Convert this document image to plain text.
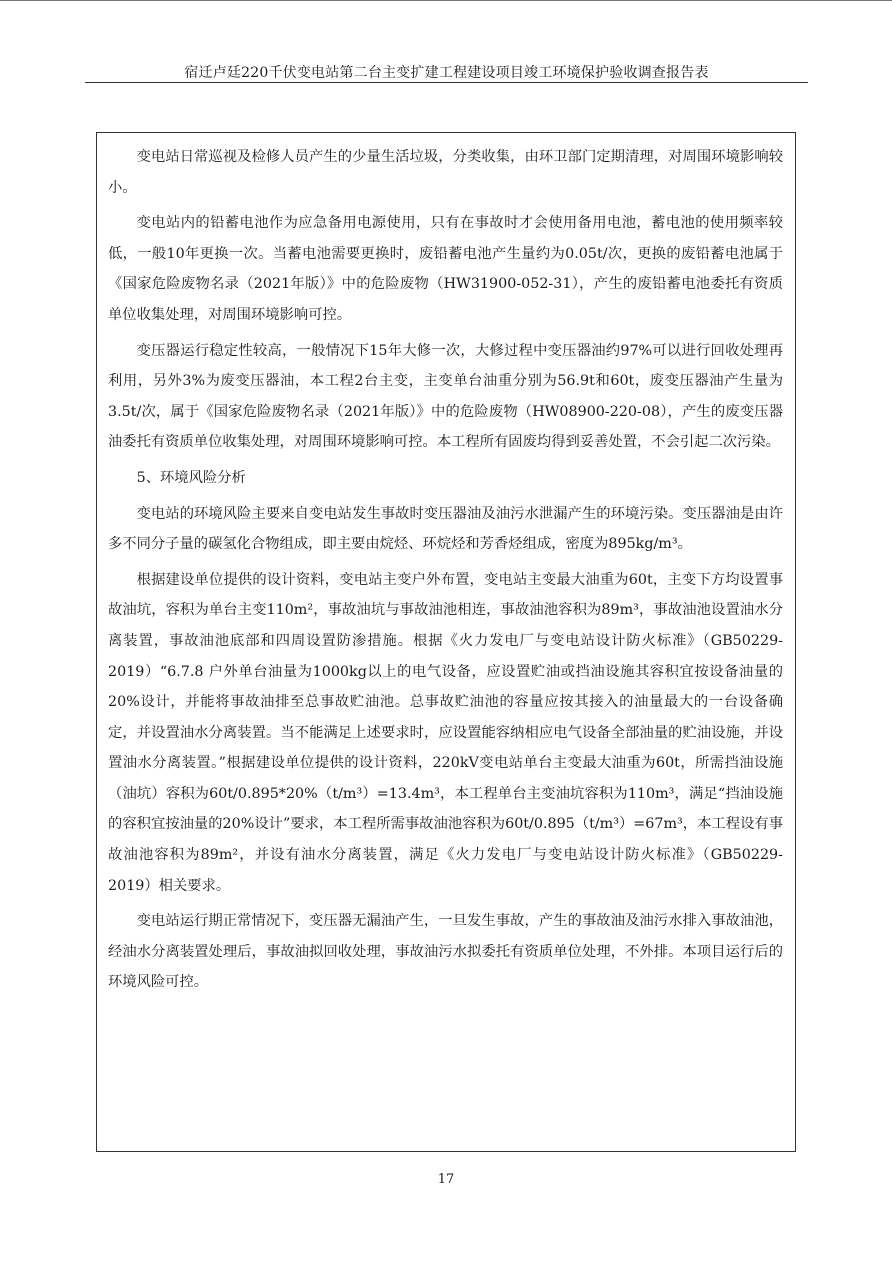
宿迁卢廷220千伏变电站第二台主变扩建工程建设项目竣工环境保护验收调查报告表

变电站日常巡视及检修人员产生的少量生活垃圾，分类收集，由环卫部门定期清理，对周围环境影响较小。

变电站内的铅蓄电池作为应急备用电源使用，只有在事故时才会使用备用电池，蓄电池的使用频率较低，一般10年更换一次。当蓄电池需要更换时，废铅蓄电池产生量约为0.05t/次，更换的废铅蓄电池属于《国家危险废物名录（2021年版）》中的危险废物（HW31900-052-31），产生的废铅蓄电池委托有资质单位收集处理，对周围环境影响可控。

变压器运行稳定性较高，一般情况下15年大修一次，大修过程中变压器油约97%可以进行回收处理再利用，另外3%为废变压器油，本工程2台主变，主变单台油重分别为56.9t和60t，废变压器油产生量为3.5t/次，属于《国家危险废物名录（2021年版）》中的危险废物（HW08900-220-08），产生的废变压器油委托有资质单位收集处理，对周围环境影响可控。本工程所有固废均得到妥善处置，不会引起二次污染。

5、环境风险分析

变电站的环境风险主要来自变电站发生事故时变压器油及油污水泄漏产生的环境污染。变压器油是由许多不同分子量的碳氢化合物组成，即主要由烷烃、环烷烃和芳香烃组成，密度为895kg/m³。

根据建设单位提供的设计资料，变电站主变户外布置，变电站主变最大油重为60t，主变下方均设置事故油坑，容积为单台主变110m²，事故油坑与事故油池相连，事故油池容积为89m³，事故油池设置油水分离装置，事故油池底部和四周设置防渗措施。根据《火力发电厂与变电站设计防火标准》（GB50229-2019）“6.7.8 户外单台油量为1000kg以上的电气设备，应设置贮油或挡油设施其容积宜按设备油量的20%设计，并能将事故油排至总事故贮油池。总事故贮油池的容量应按其接入的油量最大的一台设备确定，并设置油水分离装置。当不能满足上述要求时，应设置能容纳相应电气设备全部油量的贮油设施，并设置油水分离装置。”根据建设单位提供的设计资料，220kV变电站单台主变最大油重为60t，所需挡油设施（油坑）容积为60t/0.895*20%（t/m³）=13.4m³，本工程单台主变油坑容积为110m³，满足“挡油设施的容积宜按油量的20%设计”要求，本工程所需事故油池容积为60t/0.895（t/m³）=67m³，本工程设有事故油池容积为89m²，并设有油水分离装置，满足《火力发电厂与变电站设计防火标准》（GB50229-2019）相关要求。

变电站运行期正常情况下，变压器无漏油产生，一旦发生事故，产生的事故油及油污水排入事故油池，经油水分离装置处理后，事故油拟回收处理，事故油污水拟委托有资质单位处理，不外排。本项目运行后的环境风险可控。

17
